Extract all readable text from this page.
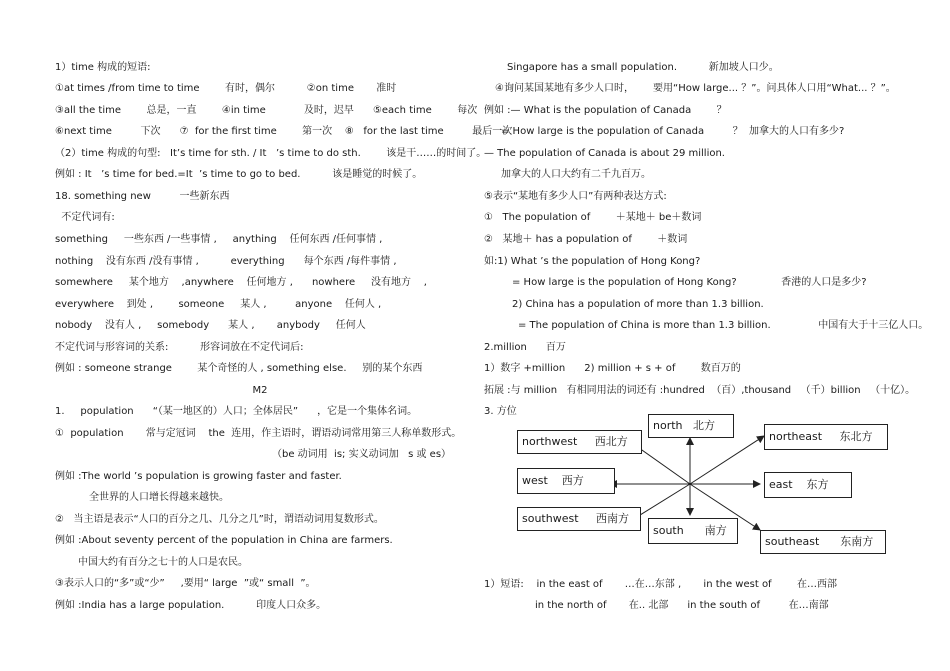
1）time 构成的短语:
①at times /from time to time        有时，偶尔          ②on time       准时
③all the time        总是，一直        ④in time            及时，迟早      ⑤each time        每次
⑥next time         下次      ⑦  for the first time        第一次    ⑧   for the last time         最后一次
（2）time 构成的句型:   It’s time for sth. / It   ’s time to do sth.        该是干……的时间了。
例如 : It   ’s time for bed.=It  ’s time to go to bed.          该是睡觉的时候了。
18. something new         一些新东西
不定代词有:
something     一些东西 /一些事情 ,     anything    任何东西 /任何事情 ,
nothing    没有东西 /没有事情 ,          everything      每个东西 /每件事情 ,
somewhere     某个地方    ,anywhere    任何地方 ,      nowhere     没有地方    ,
everywhere    到处 ,        someone     某人 ,         anyone    任何人 ,
nobody    没有人 ,     somebody      某人 ,       anybody     任何人
不定代词与形容词的关系:          形容词放在不定代词后:
例如 : someone strange        某个奇怪的人 , something else.     别的某个东西
M2
1.     population      “（某一地区的）人口；全体居民”      ，它是一个集体名词。
①  population       常与定冠词    the  连用，作主语时，谓语动词常用第三人称单数形式。
（be 动词用  is; 实义动词加   s 或 es）
例如 :The world ’s population is growing faster and faster.
全世界的人口增长得越来越快。
②   当主语是表示“人口的百分之几、几分之几”时，谓语动词用复数形式。
例如 :About seventy percent of the population in China are farmers.
中国大约有百分之七十的人口是农民。
③表示人口的“多”或“少”     ,要用“ large  ”或“ small  ”。
例如 :India has a large population.          印度人口众多。
Singapore has a small population.          新加坡人口少。
④询问某国某地有多少人口时，      要用“How large... ？”。问具体人口用“What... ？”。
例如 :— What is the population of Canada        ？
= How large is the population of Canada         ？  加拿大的人口有多少?
— The population of Canada is about 29 million.
加拿大的人口大约有二千九百万。
⑤表示“某地有多少人口”有两种表达方式:
①   The population of        ＋某地＋ be＋数词
②   某地＋ has a population of        ＋数词
如:1) What ’s the population of Hong Kong?
= How large is the population of Hong Kong?              香港的人口是多少?
2) China has a population of more than 1.3 billion.
= The population of China is more than 1.3 billion.               中国有大于十三亿人口。
2.million      百万
1）数字 +million      2) million + s + of        数百万的
拓展 :与 million   有相同用法的词还有 :hundred  （百）,thousand   （千）billion   （十亿）。
3. 方位
1）短语:    in the east of       …在…东部 ,       in the west of        在…西部
in the north of       在.. 北部      in the south of         在…南部
north   北方
northwest     西北方	northeast     东北方
west    西方	east    东方
southwest     西南方
south      南方
southeast      东南方
